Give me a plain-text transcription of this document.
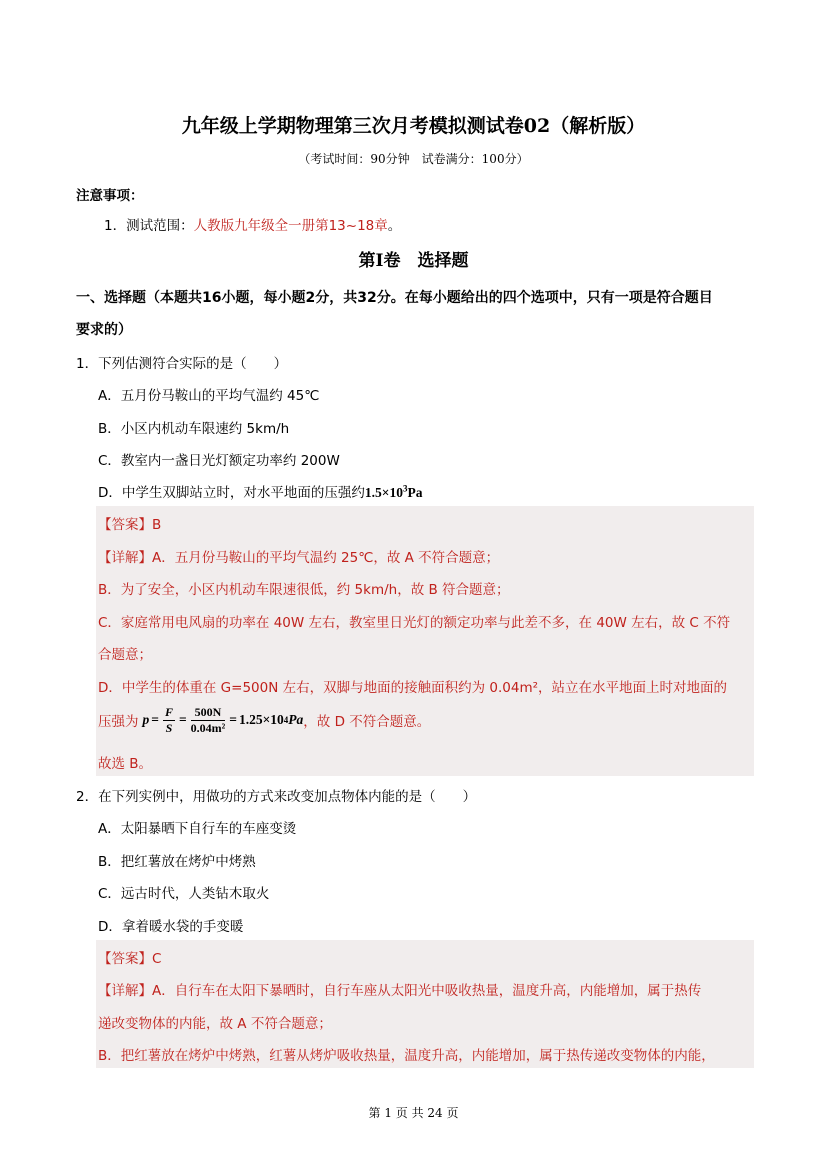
九年级上学期物理第三次月考模拟测试卷02（解析版）
（考试时间：90分钟　试卷满分：100分）
注意事项：
1．测试范围：人教版九年级全一册第13~18章。
第Ⅰ卷　选择题
一、选择题（本题共16小题，每小题2分，共32分。在每小题给出的四个选项中，只有一项是符合题目
要求的）
1．下列估测符合实际的是（　　）
A．五月份马鞍山的平均气温约 45℃
B．小区内机动车限速约 5km/h
C．教室内一盏日光灯额定功率约 200W
D．中学生双脚站立时，对水平地面的压强约$1.5\times 10^3Pa$
【答案】B
【详解】A．五月份马鞍山的平均气温约 25℃，故 A 不符合题意；
B．为了安全，小区内机动车限速很低，约 5km/h，故 B 符合题意；
C．家庭常用电风扇的功率在 40W 左右，教室里日光灯的额定功率与此差不多，在 40W 左右，故 C 不符
合题意；
D．中学生的体重在 G=500N 左右，双脚与地面的接触面积约为 0.04m²，站立在水平地面上时对地面的
压强为 $p = \frac{F}{S} = \frac{500N}{\text{0.04m²}} = 1.25\times 10$ 4 Pa ，故 D 不符合题意。
故选 B。
2．在下列实例中，用做功的方式来改变加点物体内能的是（　　）
A．太阳暴晒下自行车的车座变烫
B．把红薯放在烤炉中烤熟
C．远古时代，人类钻木取火
D．拿着暖水袋的手变暖
【答案】C
【详解】A．自行车在太阳下暴晒时，自行车座从太阳光中吸收热量，温度升高，内能增加，属于热传
递改变物体的内能，故 A 不符合题意；
B．把红薯放在烤炉中烤熟，红薯从烤炉吸收热量，温度升高，内能增加，属于热传递改变物体的内能，
第 1 页 共 24 页
